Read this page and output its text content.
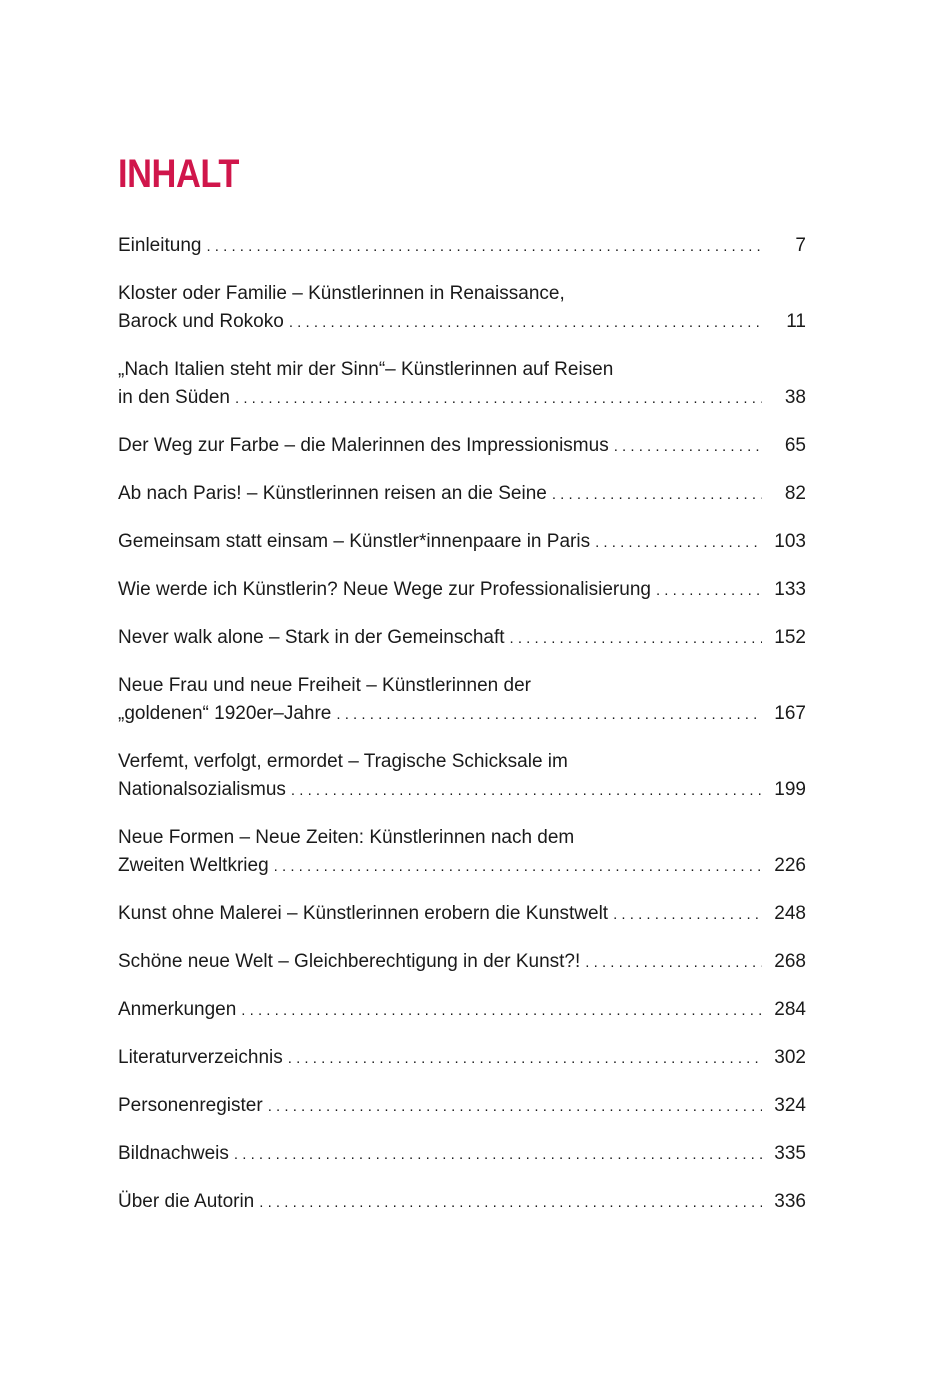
INHALT
Einleitung . . .	7
Kloster oder Familie – Künstlerinnen in Renaissance,
Barock und Rokoko . . .	11
„Nach Italien steht mir der Sinn“– Künstlerinnen auf Reisen
in den Süden . . .	38
Der Weg zur Farbe – die Malerinnen des Impressionismus . . .	65
Ab nach Paris! – Künstlerinnen reisen an die Seine . . .	82
Gemeinsam statt einsam – Künstler*innenpaare in Paris . . .	103
Wie werde ich Künstlerin? Neue Wege zur Professionalisierung . . .	133
Never walk alone – Stark in der Gemeinschaft . . .	152
Neue Frau und neue Freiheit – Künstlerinnen der
„goldenen“ 1920er–Jahre . . .	167
Verfemt, verfolgt, ermordet – Tragische Schicksale im
Nationalsozialismus . . .	199
Neue Formen – Neue Zeiten: Künstlerinnen nach dem
Zweiten Weltkrieg . . .	226
Kunst ohne Malerei – Künstlerinnen erobern die Kunstwelt . . .	248
Schöne neue Welt – Gleichberechtigung in der Kunst?! . . .	268
Anmerkungen . . .	284
Literaturverzeichnis . . .	302
Personenregister . . .	324
Bildnachweis . . .	335
Über die Autorin . . .	336
